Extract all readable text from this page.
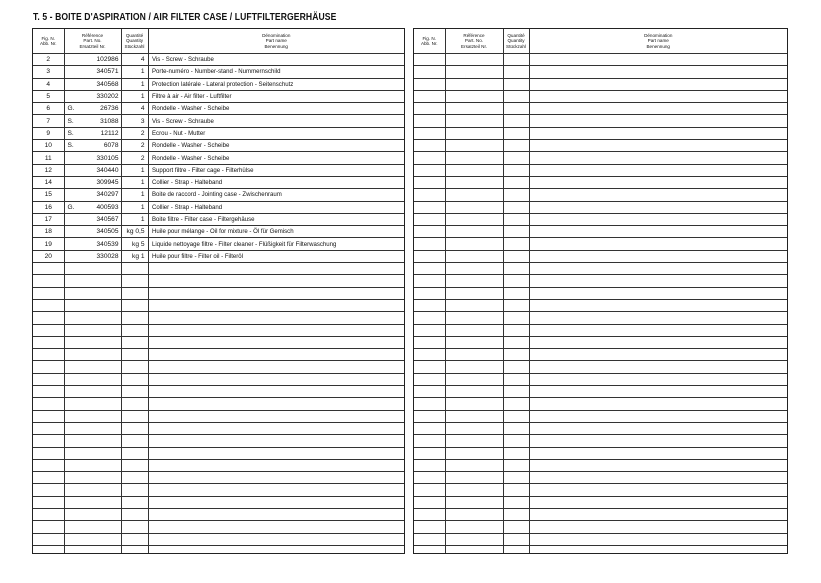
T. 5 - BOITE D'ASPIRATION / AIR FILTER CASE / LUFTFILTERGERHÄUSE
Fig. N.
Abb. Nr.	Référence
Part. No.
Ersatzteil Nr.	Quantité
Quantity
Stückzahl	Dénomination
Part name
Benennung

2	102986	4	Vis - Screw - Schraube
3	340571	1	Porte-numéro - Number-stand - Nummernschild
4	340568	1	Protection latérale - Lateral protection - Seitenschutz
5	330202	1	Filtre à air - Air filter - Luftfilter
6	G. 26736	4	Rondelle - Washer - Scheibe
7	S. 31088	3	Vis - Screw - Schraube
9	S. 12112	2	Ecrou - Nut - Mutter
10	S. 6078	2	Rondelle - Washer - Scheibe
11	330105	2	Rondelle - Washer - Scheibe
12	340440	1	Support filtre - Filter cage - Filterhülse
14	309945	1	Collier - Strap - Halteband
15	340297	1	Boite de raccord - Jointing case - Zwischenraum
16	G. 400593	1	Collier - Strap - Halteband
17	340567	1	Boite filtre - Filter case - Filtergehäuse
18	340505	kg 0,5	Huile pour mélange - Oil for mixture - Öl für Gemisch
19	340539	kg 5	Liquide nettoyage filtre - Filter cleaner - Flüßigkeit für Filterwaschung
20	330028	kg 1	Huile pour filtre - Filter oil - Filteröl

Fig. N.
Abb. Nr.	Référence
Part. No.
Ersatzteil Nr.	Quantité
Quantity
Stückzahl	Dénomination
Part name
Benennung
